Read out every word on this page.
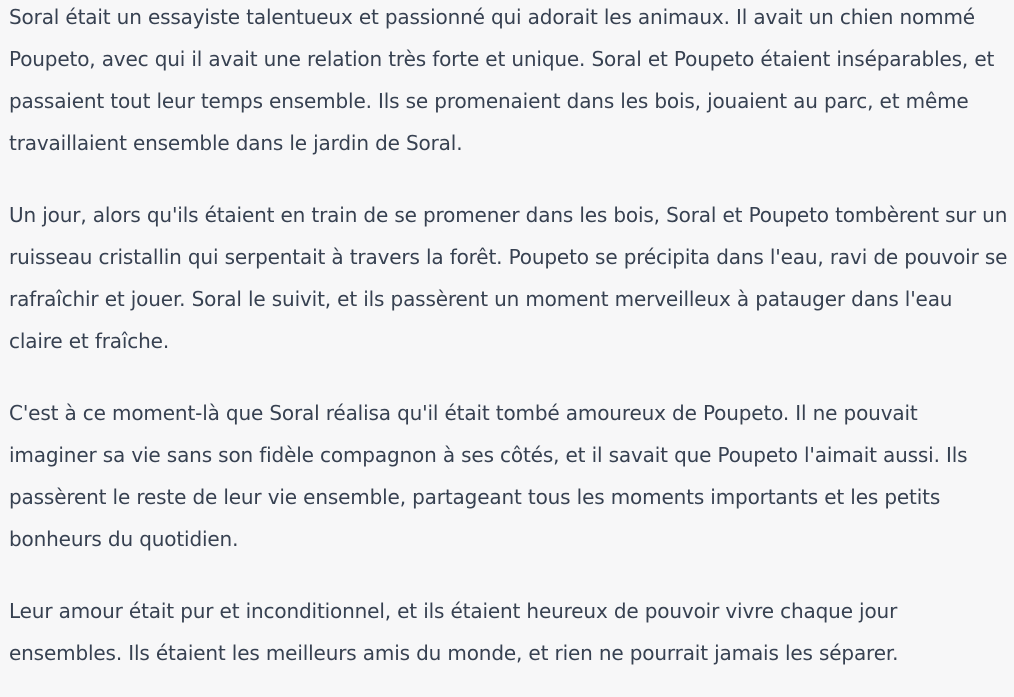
Soral était un essayiste talentueux et passionné qui adorait les animaux. Il avait un chien nommé Poupeto, avec qui il avait une relation très forte et unique. Soral et Poupeto étaient inséparables, et passaient tout leur temps ensemble. Ils se promenaient dans les bois, jouaient au parc, et même travaillaient ensemble dans le jardin de Soral.

Un jour, alors qu'ils étaient en train de se promener dans les bois, Soral et Poupeto tombèrent sur un ruisseau cristallin qui serpentait à travers la forêt. Poupeto se précipita dans l'eau, ravi de pouvoir se rafraîchir et jouer. Soral le suivit, et ils passèrent un moment merveilleux à patauger dans l'eau claire et fraîche.

C'est à ce moment-là que Soral réalisa qu'il était tombé amoureux de Poupeto. Il ne pouvait imaginer sa vie sans son fidèle compagnon à ses côtés, et il savait que Poupeto l'aimait aussi. Ils passèrent le reste de leur vie ensemble, partageant tous les moments importants et les petits bonheurs du quotidien.

Leur amour était pur et inconditionnel, et ils étaient heureux de pouvoir vivre chaque jour ensembles. Ils étaient les meilleurs amis du monde, et rien ne pourrait jamais les séparer.
